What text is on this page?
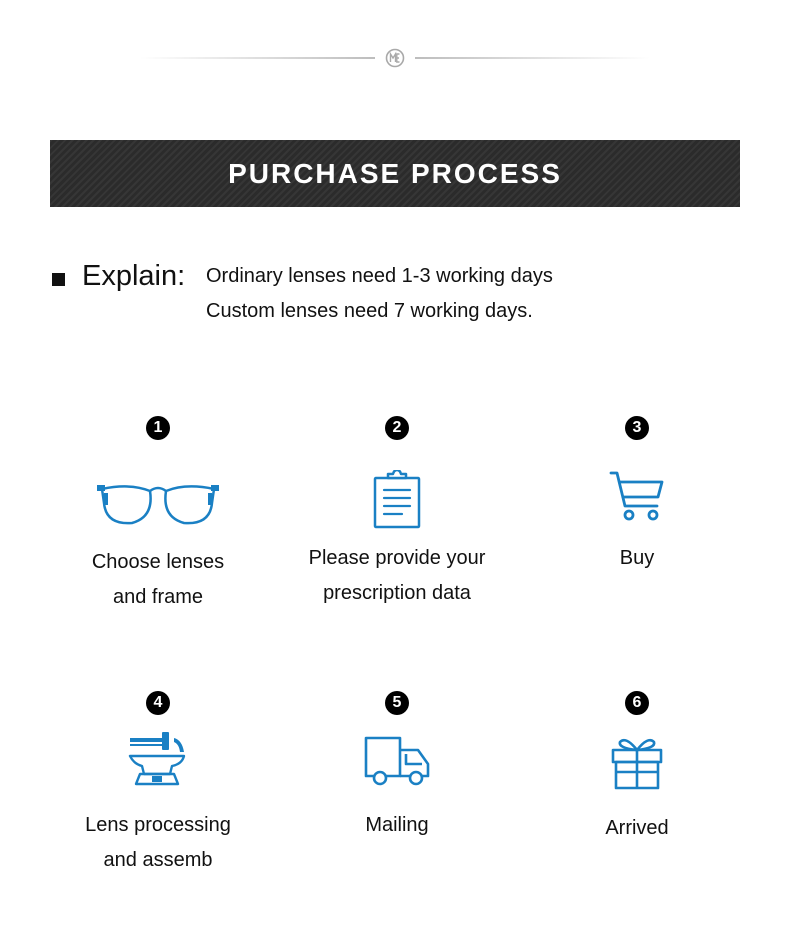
PURCHASE PROCESS
Explain: Ordinary lenses need 1-3 working days
Custom lenses need 7 working days.
1
Choose lenses
and frame
2
Please provide your
prescription data
3
Buy
4
Lens processing
and assemb
5
Mailing
6
Arrived
